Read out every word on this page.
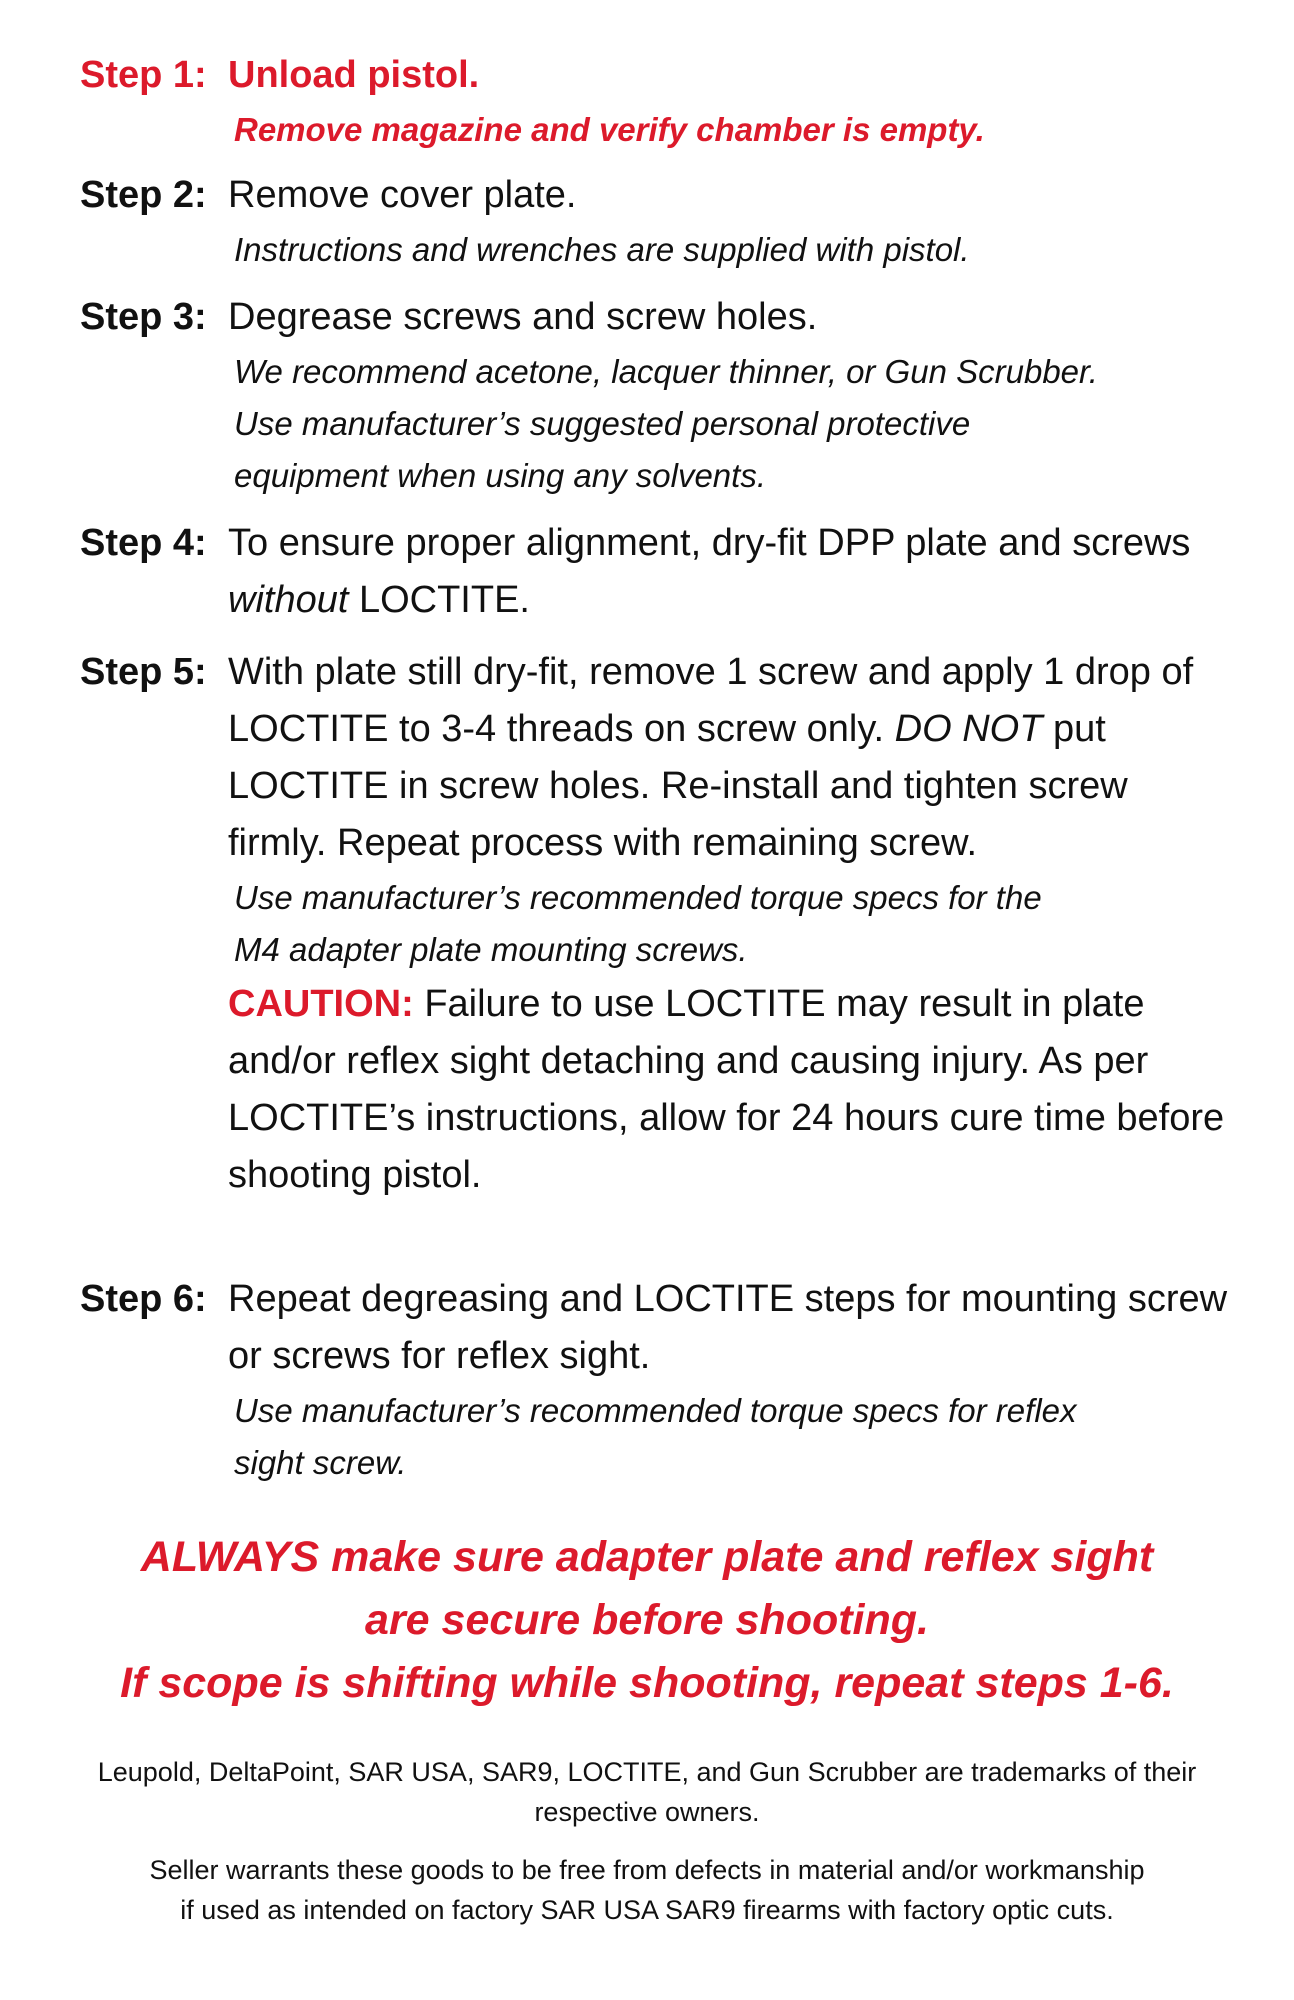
Step 1: Unload pistol.
Remove magazine and verify chamber is empty.
Step 2: Remove cover plate.
Instructions and wrenches are supplied with pistol.
Step 3: Degrease screws and screw holes.
We recommend acetone, lacquer thinner, or Gun Scrubber.
Use manufacturer’s suggested personal protective
equipment when using any solvents.
Step 4: To ensure proper alignment, dry-fit DPP plate and screws without LOCTITE.
Step 5: With plate still dry-fit, remove 1 screw and apply 1 drop of LOCTITE to 3-4 threads on screw only. DO NOT put LOCTITE in screw holes. Re-install and tighten screw firmly. Repeat process with remaining screw.
Use manufacturer’s recommended torque specs for the
M4 adapter plate mounting screws.
CAUTION: Failure to use LOCTITE may result in plate and/or reflex sight detaching and causing injury. As per LOCTITE’s instructions, allow for 24 hours cure time before shooting pistol.
Step 6: Repeat degreasing and LOCTITE steps for mounting screw or screws for reflex sight.
Use manufacturer’s recommended torque specs for reflex
sight screw.
ALWAYS make sure adapter plate and reflex sight
are secure before shooting.
If scope is shifting while shooting, repeat steps 1-6.
Leupold, DeltaPoint, SAR USA, SAR9, LOCTITE, and Gun Scrubber are trademarks of their respective owners.
Seller warrants these goods to be free from defects in material and/or workmanship
if used as intended on factory SAR USA SAR9 firearms with factory optic cuts.
